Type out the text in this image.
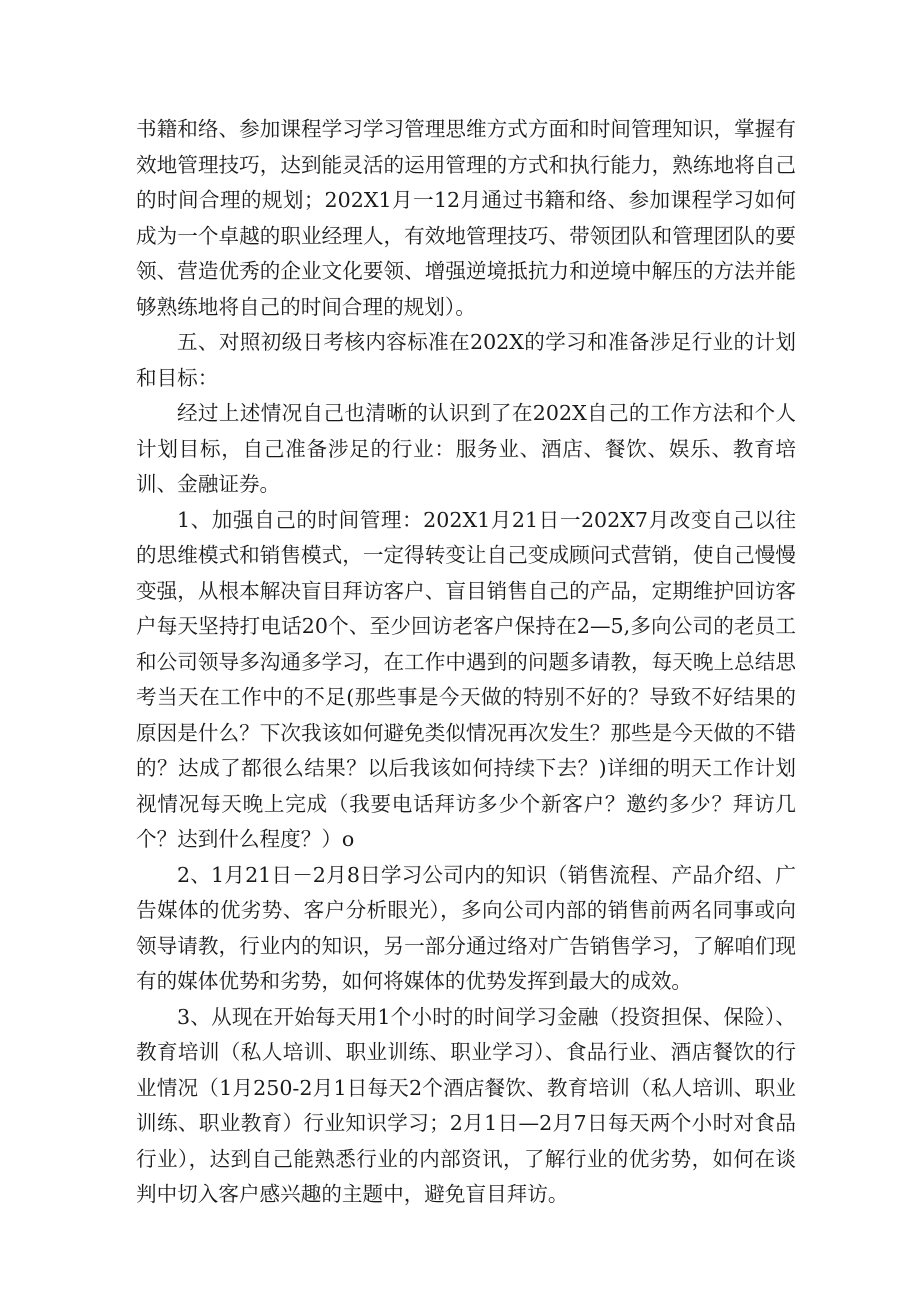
书籍和络、参加课程学习学习管理思维方式方面和时间管理知识，掌握有效地管理技巧，达到能灵活的运用管理的方式和执行能力，熟练地将自己的时间合理的规划；202X1月一12月通过书籍和络、参加课程学习如何成为一个卓越的职业经理人，有效地管理技巧、带领团队和管理团队的要领、营造优秀的企业文化要领、增强逆境抵抗力和逆境中解压的方法并能够熟练地将自己的时间合理的规划）。

五、对照初级日考核内容标准在202X的学习和准备涉足行业的计划和目标：

经过上述情况自己也清晰的认识到了在202X自己的工作方法和个人计划目标，自己准备涉足的行业：服务业、酒店、餐饮、娱乐、教育培训、金融证券。

1、加强自己的时间管理：202X1月21日一202X7月改变自己以往的思维模式和销售模式，一定得转变让自己变成顾问式营销，使自己慢慢变强，从根本解决盲目拜访客户、盲目销售自己的产品，定期维护回访客户每天坚持打电话20个、至少回访老客户保持在2—5,多向公司的老员工和公司领导多沟通多学习，在工作中遇到的问题多请教，每天晚上总结思考当天在工作中的不足(那些事是今天做的特别不好的？导致不好结果的原因是什么？下次我该如何避免类似情况再次发生？那些是今天做的不错的？达成了都很么结果？以后我该如何持续下去？)详细的明天工作计划视情况每天晚上完成（我要电话拜访多少个新客户？邀约多少？拜访几个？达到什么程度？）o

2、1月21日－2月8日学习公司内的知识（销售流程、产品介绍、广告媒体的优劣势、客户分析眼光），多向公司内部的销售前两名同事或向领导请教，行业内的知识，另一部分通过络对广告销售学习，了解咱们现有的媒体优势和劣势，如何将媒体的优势发挥到最大的成效。

3、从现在开始每天用1个小时的时间学习金融（投资担保、保险）、教育培训（私人培训、职业训练、职业学习）、食品行业、酒店餐饮的行业情况（1月250-2月1日每天2个酒店餐饮、教育培训（私人培训、职业训练、职业教育）行业知识学习；2月1日—2月7日每天两个小时对食品行业），达到自己能熟悉行业的内部资讯，了解行业的优劣势，如何在谈判中切入客户感兴趣的主题中，避免盲目拜访。
